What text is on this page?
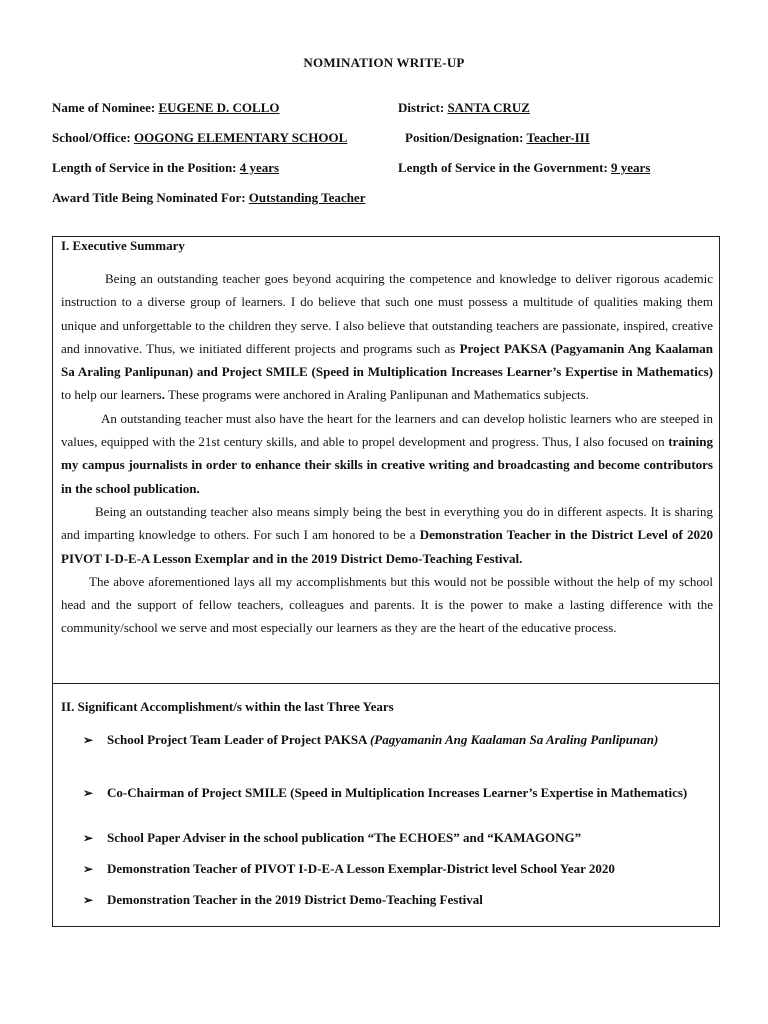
NOMINATION WRITE-UP
Name of Nominee: EUGENE D. COLLO	District: SANTA CRUZ
School/Office: OOGONG ELEMENTARY SCHOOL	Position/Designation: Teacher-III
Length of Service in the Position: 4 years	Length of Service in the Government: 9 years
Award Title Being Nominated For: Outstanding Teacher
I. Executive Summary

Being an outstanding teacher goes beyond acquiring the competence and knowledge to deliver rigorous academic instruction to a diverse group of learners. I do believe that such one must possess a multitude of qualities making them unique and unforgettable to the children they serve. I also believe that outstanding teachers are passionate, inspired, creative and innovative. Thus, we initiated different projects and programs such as Project PAKSA (Pagyamanin Ang Kaalaman Sa Araling Panlipunan) and Project SMILE (Speed in Multiplication Increases Learner’s Expertise in Mathematics) to help our learners. These programs were anchored in Araling Panlipunan and Mathematics subjects.

An outstanding teacher must also have the heart for the learners and can develop holistic learners who are steeped in values, equipped with the 21st century skills, and able to propel development and progress. Thus, I also focused on training my campus journalists in order to enhance their skills in creative writing and broadcasting and become contributors in the school publication.

Being an outstanding teacher also means simply being the best in everything you do in different aspects. It is sharing and imparting knowledge to others. For such I am honored to be a Demonstration Teacher in the District Level of 2020 PIVOT I-D-E-A Lesson Exemplar and in the 2019 District Demo-Teaching Festival.

The above aforementioned lays all my accomplishments but this would not be possible without the help of my school head and the support of fellow teachers, colleagues and parents. It is the power to make a lasting difference with the community/school we serve and most especially our learners as they are the heart of the educative process.

II. Significant Accomplishment/s within the last Three Years
➢ School Project Team Leader of Project PAKSA (Pagyamanin Ang Kaalaman Sa Araling Panlipunan)
➢ Co-Chairman of Project SMILE (Speed in Multiplication Increases Learner’s Expertise in Mathematics)
➢ School Paper Adviser in the school publication “The ECHOES” and “KAMAGONG”
➢ Demonstration Teacher of PIVOT I-D-E-A Lesson Exemplar-District level School Year 2020
➢ Demonstration Teacher in the 2019 District Demo-Teaching Festival
